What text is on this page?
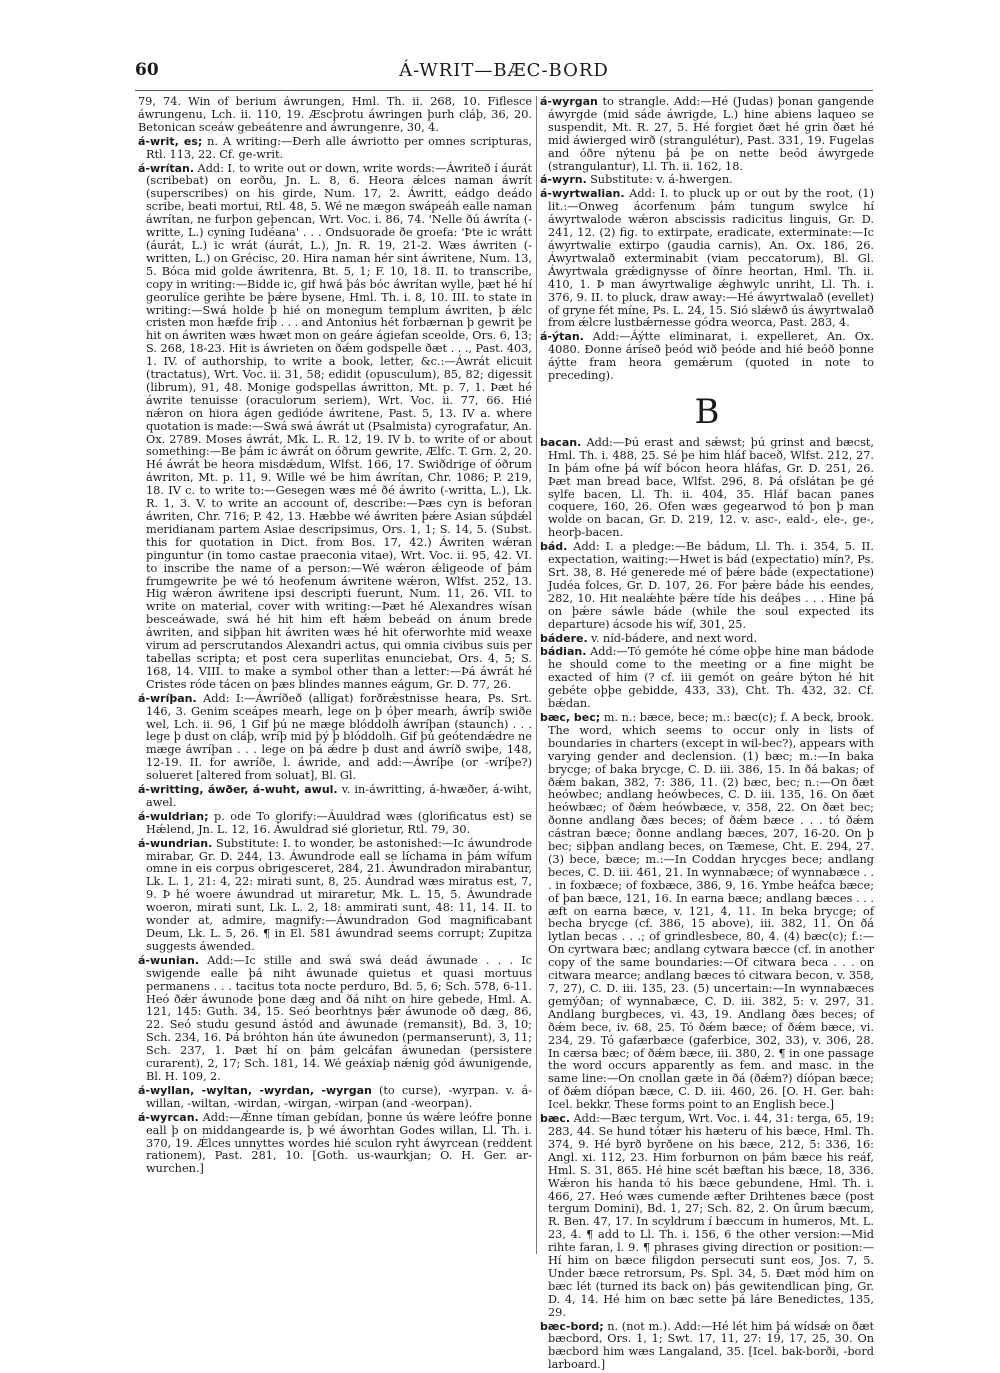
60	Á-WRIT—BÆC-BORD

79, 74. Win of berium áwrungen, Hml. Th. ii. 268, 10. Fiflesce áwrungenu, Lch. ii. 110, 19. Æscþrotu áwringen þurh cláþ, 36, 20. Betonican sceáw gebeátenre and áwrungenre, 30, 4.

á-writ, es; n. A writing:—Ðerh alle áwriotto per omnes scripturas, Rtl. 113, 22. Cf. ge-writ.

á-wrítan. Add: I. to write out or down, write words:—Áwriteð í áurát (scribebat) on eorðu, Jn. L. 8, 6. Heora ǽlces naman áwrít (superscribes) on his girde, Num. 17, 2. Áwritt, eádgo deádo scribe, beati mortui, Rtl. 48, 5. Wé ne mægon swápeáh ealle naman áwrítan, ne furþon geþencan, Wrt. Voc. i. 86, 74. 'Nelle ðú áwríta (-writte, L.) cyning Iudéana' . . . Ondsuorade ðe groefa: 'Þte ic wrátt (áurát, L.) ic wrát (áurát, L.), Jn. R. 19, 21-2. Wæs áwriten (-written, L.) on Grécisc, 20. Hira naman hér sint áwritene, Num. 13, 5. Bóca mid golde áwritenra, Bt. 5, 1; F. 10, 18. II. to transcribe, copy in writing:—Bidde ic, gif hwá þás bóc áwrítan wylle, þæt hé hí georulíce gerihte be þǽre bysene, Hml. Th. i. 8, 10. III. to state in writing:—Swá holde þ hié on monegum templum áwriten, þ ǽlc cristen mon hæfde friþ . . . and Antonius hét forbærnan þ gewrit þe hit on áwriten wæs hwæt mon on geáre ágiefan sceolde, Ors. 6, 13; S. 268, 18-23. Hit is áwrieten on ðǽm godspelle ðæt . . ., Past. 403, 1. IV. of authorship, to write a book, letter, &c.:—Áwrát elicuit (tractatus), Wrt. Voc. ii. 31, 58; edidit (opusculum), 85, 82; digessit (librum), 91, 48. Monige godspellas áwritton, Mt. p. 7, 1. Þæt hé áwrite tenuisse (oraculorum seriem), Wrt. Voc. ii. 77, 66. Hié nǽron on hiora ágen gedióde áwritene, Past. 5, 13. IV a. where quotation is made:—Swá swá áwrát ut (Psalmista) cyrografatur, An. Ox. 2789. Moses áwrát, Mk. L. R. 12, 19. IV b. to write of or about something:—Be þám ic áwrát on óðrum gewrite, Ælfc. T. Grn. 2, 20. Hé áwrát be heora misdǽdum, Wlfst. 166, 17. Swiðdrige of óðrum áwriton, Mt. p. 11, 9. Wille wé be him áwrítan, Chr. 1086; P. 219, 18. IV c. to write to:—Gesegen wæs mé ðé áwrito (-writta, L.), Lk. R. 1, 3. V. to write an account of, describe:—Þæs cyn is beforan áwriten, Chr. 716; P. 42, 13. Hæbbe wé áwriten þǽre Asian súþdǽl meridianam partem Asiae descripsimus, Ors. 1, 1; S. 14, 5. (Subst. this for quotation in Dict. from Bos. 17, 42.) Áwriten wǽran pinguntur (in tomo castae praeconia vitae), Wrt. Voc. ii. 95, 42. VI. to inscribe the name of a person:—Wé wǽron ǽligeode of þám frumgewrite þe wé tó heofenum áwritene wǽron, Wlfst. 252, 13. Hig wǽron áwritene ipsi descripti fuerunt, Num. 11, 26. VII. to write on material, cover with writing:—Þæt hé Alexandres wísan besceáwade, swá hé hit him eft hǽm bebeád on ánum brede áwriten, and siþþan hit áwriten wæs hé hit oferworhte mid weaxe virum ad perscrutandos Alexandri actus, qui omnia civibus suis per tabellas scripta; et post cera superlitas enunciebat, Ors. 4, 5; S. 168, 14. VIII. to make a symbol other than a letter:—Þá áwrát hé Cristes róde tácen on þæs blindes mannes eágum, Gr. D. 77, 26.

á-wríþan. Add: I:—Áwríðeð (alligat) forðrǽstnisse heara, Ps. Srt. 146, 3. Genim sceápes mearh, lege on þ óþer mearh, áwríþ swiðe wel, Lch. ii. 96, 1 Gif þú ne mæge blóddolh áwríþan (staunch) . . . lege þ dust on cláþ, wríþ mid þý þ blóddolh. Gif þú geótendǽdre ne mæge áwríþan . . . lege on þá ǽdre þ dust and áwríð swiþe, 148, 12-19. II. for awríðe, l. áwride, and add:—Áwríþe (or -wríþe?) solueret [altered from soluat], Bl. Gl.

á-writting, áwðer, á-wuht, awul. v. in-áwritting, á-hwæðer, á-wiht, awel.

á-wuldrian; p. ode To glorify:—Áuuldrad wæs (glorificatus est) se Hǽlend, Jn. L. 12, 16. Áwuldrad sié glorietur, Rtl. 79, 30.

á-wundrian. Substitute: I. to wonder, be astonished:—Ic áwundrode mirabar, Gr. D. 244, 13. Áwundrode eall se líchama in þám wífum omne in eis corpus obrigesceret, 284, 21. Áwundradon mirabantur, Lk. L. 1, 21: 4, 22: mirati sunt, 8, 25. Áundrad wæs miratus est, 7, 9. Þ hé woere áwundrad ut miraretur, Mk. L. 15, 5. Áwundrade woeron, mirati sunt, Lk. L. 2, 18: ammirati sunt, 48: 11, 14. II. to wonder at, admire, magnify:—Áwundradon God magnificabant Deum, Lk. L. 5, 26. ¶ in El. 581 áwundrad seems corrupt; Zupitza suggests áwended.

á-wunian. Add:—Ic stille and swá swá deád áwunade . . . Ic swigende ealle þá niht áwunade quietus et quasi mortuus permanens . . . tacitus tota nocte perduro, Bd. 5, 6; Sch. 578, 6-11. Heó ðǽr áwunode þone dæg and ðá niht on hire gebede, Hml. A. 121, 145: Guth. 34, 15. Seó beorhtnys þǽr áwunode oð dæg, 86, 22. Seó studu gesund ástód and áwunade (remansit), Bd. 3, 10; Sch. 234, 16. Þá bróhton hán úte áwunedon (permanserunt), 3, 11; Sch. 237, 1. Þæt hí on þám gelcáfan áwunedan (persistere curarent), 2, 17; Sch. 181, 14. Wé geáxiaþ nǽnig gód áwunigende, Bl. H. 109, 2.

á-wyllan, -wyltan, -wyrdan, -wyrgan (to curse), -wyrpan. v. á-willan, -wiltan, -wirdan, -wirgan, -wirpan (and -weorpan).

á-wyrcan. Add:—Ǽnne tíman gebídan, þonne ús wǽre leófre þonne eall þ on middangearde is, þ wé áworhtan Godes willan, Ll. Th. i. 370, 19. Ǽlces unnyttes wordes hié sculon ryht áwyrcean (reddent rationem), Past. 281, 10. [Goth. us-waurkjan; O. H. Ger. ar-wurchen.]

á-wyrgan to strangle. Add:—Hé (Judas) þonan gangende áwyrgde (mid sáde áwrigde, L.) hine abiens laqueo se suspendit, Mt. R. 27, 5. Hé forgiet ðæt hé grin ðæt hé mid áwierged wirð (strangulétur), Past. 331, 19. Fugelas and óðre nýtenu þá þe on nette beód áwyrgede (strangulantur), Ll. Th. ii. 162, 18.

á-wyrn. Substitute: v. á-hwergen.

á-wyrtwalian. Add: I. to pluck up or out by the root, (1) lit.:—Onweg ácorfenum þám tungum swylce hí áwyrtwalode wǽron abscissis radicitus linguis, Gr. D. 241, 12. (2) fig. to extirpate, eradicate, exterminate:—Ic áwyrtwalie extirpo (gaudia carnis), An. Ox. 186, 26. Áwyrtwalað exterminabit (viam peccatorum), Bl. Gl. Áwyrtwala grǽdignysse of ðínre heortan, Hml. Th. ii. 410, 1. Þ man áwyrtwalige ǽghwylc unriht, Ll. Th. i. 376, 9. II. to pluck, draw away:—Hé áwyrtwalað (evellet) of gryne fét míne, Ps. L. 24, 15. Sió slǽwð ús áwyrtwalað from ǽlcre lustbǽrnesse gódra weorca, Past. 283, 4.

á-ýtan. Add:—Áýtte eliminarat, i. expelleret, An. Ox. 4080. Ðonne áríseð þeód wið þeóde and hié beóð þonne áýtte fram heora gemǽrum (quoted in note to preceding).

B

bacan. Add:—Þú erast and sǽwst; þú grinst and bæcst, Hml. Th. i. 488, 25. Sé þe him hláf baceð, Wlfst. 212, 27. In þám ofne þá wíf bócon heora hláfas, Gr. D. 251, 26. Þæt man bread bace, Wlfst. 296, 8. Þá ofslátan þe gé sylfe bacen, Ll. Th. ii. 404, 35. Hláf bacan panes coquere, 160, 26. Ofen wæs gegearwod tó þon þ man wolde on bacan, Gr. D. 219, 12. v. asc-, eald-, ele-, ge-, heorþ-bacen.

bád. Add: I. a pledge:—Be bádum, Ll. Th. i. 354, 5. II. expectation, waiting:—Hwet is bád (expectatio) mín?, Ps. Srt. 38, 8. Hé generede mé of þǽre báde (expectatione) Judéa folces, Gr. D. 107, 26. For þǽre báde his eendes, 282, 10. Hit nealǽhte þǽre tíde his deáþes . . . Hine þá on þǽre sáwle báde (while the soul expected its departure) ácsode his wíf, 301, 25.

bádere. v. níd-bádere, and next word.

bádian. Add:—Tó gemóte hé cóme oþþe hine man bádode he should come to the meeting or a fine might be exacted of him (? cf. iii gemót on geáre býton hé hit gebéte oþþe gebidde, 433, 33), Cht. Th. 432, 32. Cf. bǽdan.

bæc, bec; m. n.: bæce, bece; m.: bæc(c); f. A beck, brook. The word, which seems to occur only in lists of boundaries in charters (except in wil-bec?), appears with varying gender and declension. (1) bæc; m.:—In baka brycge; of baka brycge, C. D. iii. 386, 15. In ðá bakas; of ðǽm bakan, 382, 7: 386, 11. (2) bæc, bec; n.:—On ðæt heówbec; andlang heówbeces, C. D. iii. 135, 16. On ðæt heówbæc; of ðǽm heówbæce, v. 358, 22. On ðæt bec; ðonne andlang ðæs beces; of ðǽm bæce . . . tó ðǽm cástran bæce; ðonne andlang bæces, 207, 16-20. On þ bec; siþþan andlang beces, on Tæmese, Cht. E. 294, 27. (3) bece, bæce; m.:—In Coddan hrycges bece; andlang beces, C. D. iii. 461, 21. In wynnabæce; of wynnabæce . . . in foxbæce; of foxbæce, 386, 9, 16. Ymbe heáfca bæce; of þan bæce, 121, 16. In earna bæce; andlang bæces . . . æft on earna bæce, v. 121, 4, 11. In beka brycge; of becha brycge (cf. 386, 15 above), iii. 382, 11. On ðá lytlan becas . . .; of grindlesbece, 80, 4. (4) bæc(c); f.:—On cyrtwara bæc; andlang cytwara bæcce (cf. in another copy of the same boundaries:—Of citwara beca . . . on citwara mearce; andlang bæces tó citwara becon, v. 358, 7, 27), C. D. iii. 135, 23. (5) uncertain:—In wynnabæces gemýðan; of wynnabæce, C. D. iii. 382, 5: v. 297, 31. Andlang burgbeces, vi. 43, 19. Andlang ðæs beces; of ðǽm bece, iv. 68, 25. Tó ðǽm bæce; of ðǽm bæce, vi. 234, 29. Tó gafærbæce (gaferbice, 302, 33), v. 306, 28. In cærsa bæc; of ðǽm bæce, iii. 380, 2. ¶ in one passage the word occurs apparently as fem. and masc. in the same line:—On cnollan gæte in ðá (ðǽm?) díópan bæce; of ðǽm díópan bæce, C. D. iii. 460, 26. [O. H. Ger. bah: Icel. bekkr. These forms point to an English bece.]

bæc. Add:—Bæc tergum, Wrt. Voc. i. 44, 31: terga, 65, 19: 283, 44. Se hund tótær his hæteru of his bæce, Hml. Th. 374, 9. Hé byrð byrðene on his bæce, 212, 5: 336, 16: Angl. xi. 112, 23. Him forburnon on þám bæce his reáf, Hml. S. 31, 865. Hé hine scét bæftan his bæce, 18, 336. Wǽron his handa tó his bæce gebundene, Hml. Th. i. 466, 27. Heó wæs cumende æfter Drihtenes bæce (post tergum Domini), Bd. 1, 27; Sch. 82, 2. On ûrum bæcum, R. Ben. 47, 17. In scyldrum í bæccum in humeros, Mt. L. 23, 4. ¶ add to Ll. Th. i. 156, 6 the other version:—Mid rihte faran, l. 9. ¶ phrases giving direction or position:—Hí him on bæce filigdon persecuti sunt eos, Jos. 7, 5. Under bæce retrorsum, Ps. Spl. 34, 5. Ðæt mód him on bæc lét (turned its back on) þás gewitendlican þing, Gr. D. 4, 14. Hé him on bæc sette þá láre Benedictes, 135, 29.

bæc-bord; n. (not m.). Add:—Hé lét him þá wídsǽ on ðæt bæcbord, Ors. 1, 1; Swt. 17, 11, 27: 19, 17, 25, 30. On bæcbord him wæs Langaland, 35. [Icel. bak-borði, -bord larboard.]
